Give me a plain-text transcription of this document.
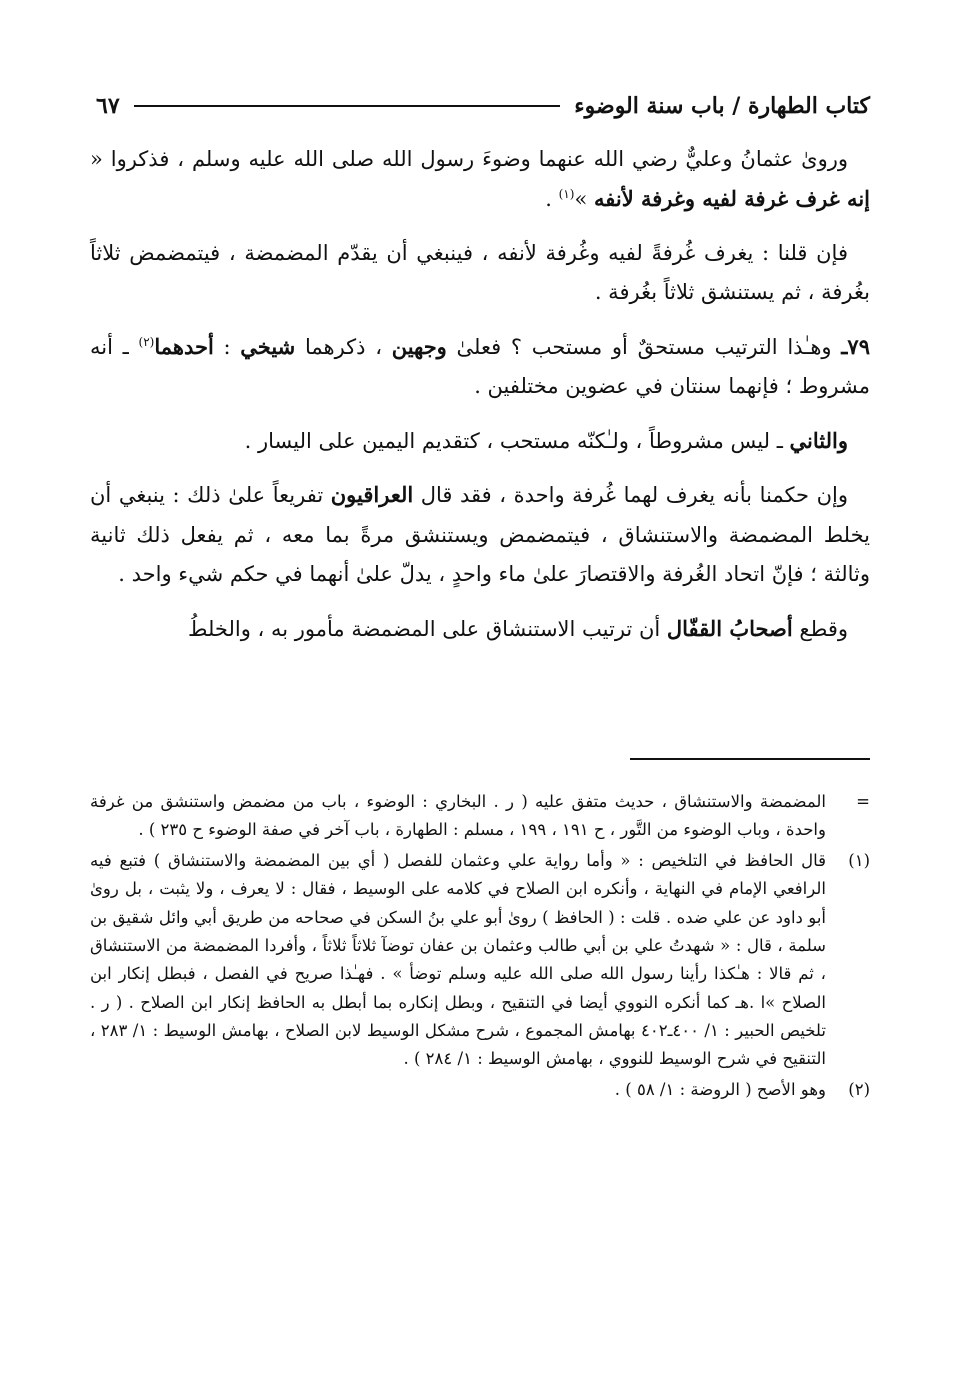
كتاب الطهارة / باب سنة الوضوء
٦٧

وروىٰ عثمانُ وعليٌّ رضي الله عنهما وضوءَ رسول الله صلى الله عليه وسلم ، فذكروا « إنه غرف غرفة لفيه وغرفة لأنفه »$^{(١)}$ .

فإن قلنا : يغرف غُرفةً لفيه وغُرفة لأنفه ، فينبغي أن يقدّم المضمضة ، فيتمضمض ثلاثاً بغُرفة ، ثم يستنشق ثلاثاً بغُرفة .

٧٩ـ وهـٰذا الترتيب مستحقٌ أو مستحب ؟ فعلىٰ وجهين ، ذكرهما شيخي : أحدهما$^{(٢)}$ ـ أنه مشروط ؛ فإنهما سنتان في عضوين مختلفين .

والثاني ـ ليس مشروطاً ، ولـٰكنّه مستحب ، كتقديم اليمين على اليسار .

وإن حكمنا بأنه يغرف لهما غُرفة واحدة ، فقد قال العراقيون تفريعاً علىٰ ذلك : ينبغي أن يخلط المضمضة والاستنشاق ، فيتمضمض ويستنشق مرةً بما معه ، ثم يفعل ذلك ثانية وثالثة ؛ فإنّ اتحاد الغُرفة والاقتصارَ علىٰ ماء واحدٍ ، يدلّ علىٰ أنهما في حكم شيء واحد .

وقطع أصحابُ القفّال أن ترتيب الاستنشاق على المضمضة مأمور به ، والخلطُ

=
المضمضة والاستنشاق ، حديث متفق عليه ( ر . البخاري : الوضوء ، باب من مضمض واستنشق من غرفة واحدة ، وباب الوضوء من التَّور ، ح ١٩١ ، ١٩٩ ، مسلم : الطهارة ، باب آخر في صفة الوضوء ح ٢٣٥ ) .
(١)
قال الحافظ في التلخيص : « وأما رواية علي وعثمان للفصل ( أي بين المضمضة والاستنشاق ) فتبع فيه الرافعي الإمام في النهاية ، وأنكره ابن الصلاح في كلامه على الوسيط ، فقال : لا يعرف ، ولا يثبت ، بل روىٰ أبو داود عن علي ضده . قلت : ( الحافظ ) روىٰ أبو علي بنُ السكن في صحاحه من طريق أبي وائل شقيق بن سلمة ، قال : « شهدتُ علي بن أبي طالب وعثمان بن عفان توضآ ثلاثاً ثلاثاً ، وأفردا المضمضة من الاستنشاق ، ثم قالا : هـٰكذا رأينا رسول الله صلى الله عليه وسلم توضأ » . فهـٰذا صريح في الفصل ، فبطل إنكار ابن الصلاح »ا .هـ كما أنكره النووي أيضا في التنقيح ، وبطل إنكاره بما أبطل به الحافظ إنكار ابن الصلاح . ( ر . تلخيص الحبير : ١/ ٤٠٠ـ٤٠٢ بهامش المجموع ، شرح مشكل الوسيط لابن الصلاح ، بهامش الوسيط : ١/ ٢٨٣ ، التنقيح في شرح الوسيط للنووي ، بهامش الوسيط : ١/ ٢٨٤ ) .
(٢)
وهو الأصح ( الروضة : ١/ ٥٨ ) .
